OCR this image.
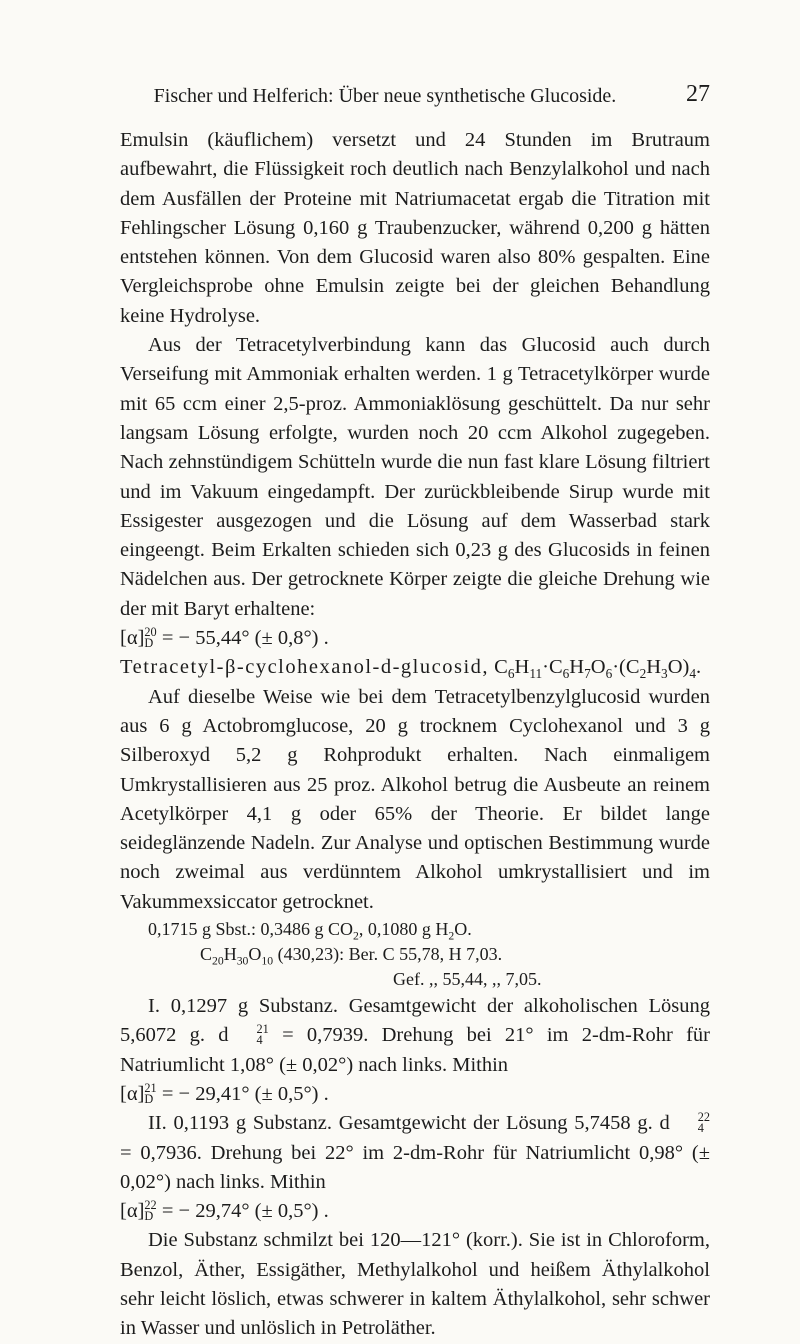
Fischer und Helferich: Über neue synthetische Glucoside.	27

Emulsin (käuflichem) versetzt und 24 Stunden im Brutraum aufbewahrt, die Flüssigkeit roch deutlich nach Benzylalkohol und nach dem Ausfällen der Proteine mit Natriumacetat ergab die Titration mit Fehlingscher Lösung 0,160 g Traubenzucker, während 0,200 g hätten entstehen können. Von dem Glucosid waren also 80% gespalten. Eine Vergleichsprobe ohne Emulsin zeigte bei der gleichen Behandlung keine Hydrolyse.

Aus der Tetracetylverbindung kann das Glucosid auch durch Verseifung mit Ammoniak erhalten werden. 1 g Tetracetylkörper wurde mit 65 ccm einer 2,5-proz. Ammoniaklösung geschüttelt. Da nur sehr langsam Lösung erfolgte, wurden noch 20 ccm Alkohol zugegeben. Nach zehnstündigem Schütteln wurde die nun fast klare Lösung filtriert und im Vakuum eingedampft. Der zurückbleibende Sirup wurde mit Essigester ausgezogen und die Lösung auf dem Wasserbad stark eingeengt. Beim Erkalten schieden sich 0,23 g des Glucosids in feinen Nädelchen aus. Der getrocknete Körper zeigte die gleiche Drehung wie der mit Baryt erhaltene:

[α] 20
D = − 55,44° (± 0,8°) .

Tetracetyl-β-cyclohexanol-d-glucosid, $C_6H_{11}\cdot C_6H_7O_6\cdot(C_2H_3O)_4$.

Auf dieselbe Weise wie bei dem Tetracetylbenzylglucosid wurden aus 6 g Actobromglucose, 20 g trocknem Cyclohexanol und 3 g Silberoxyd 5,2 g Rohprodukt erhalten. Nach einmaligem Umkrystallisieren aus 25 proz. Alkohol betrug die Ausbeute an reinem Acetylkörper 4,1 g oder 65% der Theorie. Er bildet lange seideglänzende Nadeln. Zur Analyse und optischen Bestimmung wurde noch zweimal aus verdünntem Alkohol umkrystallisiert und im Vakummexsiccator getrocknet.

0,1715 g Sbst.: 0,3486 g $CO_2$, 0,1080 g $H_2O$.

$C_{20}H_{30}O_{10}$ (430,23): Ber. C 55,78, H 7,03.

Gef. ,, 55,44, ,, 7,05.

I. 0,1297 g Substanz. Gesamtgewicht der alkoholischen Lösung 5,6072 g. d	21
4 = 0,7939. Drehung bei 21° im 2-dm-Rohr für Natriumlicht 1,08° (± 0,02°) nach links. Mithin

[α] 21
D = − 29,41° (± 0,5°) .

II. 0,1193 g Substanz. Gesamtgewicht der Lösung 5,7458 g. d	22
4
= 0,7936. Drehung bei 22° im 2-dm-Rohr für Natriumlicht 0,98° (± 0,02°) nach links. Mithin

[α] 22
D = − 29,74° (± 0,5°) .

Die Substanz schmilzt bei 120—121° (korr.). Sie ist in Chloroform, Benzol, Äther, Essigäther, Methylalkohol und heißem Äthylalkohol sehr leicht löslich, etwas schwerer in kaltem Äthylalkohol, sehr schwer in Wasser und unlöslich in Petroläther.
